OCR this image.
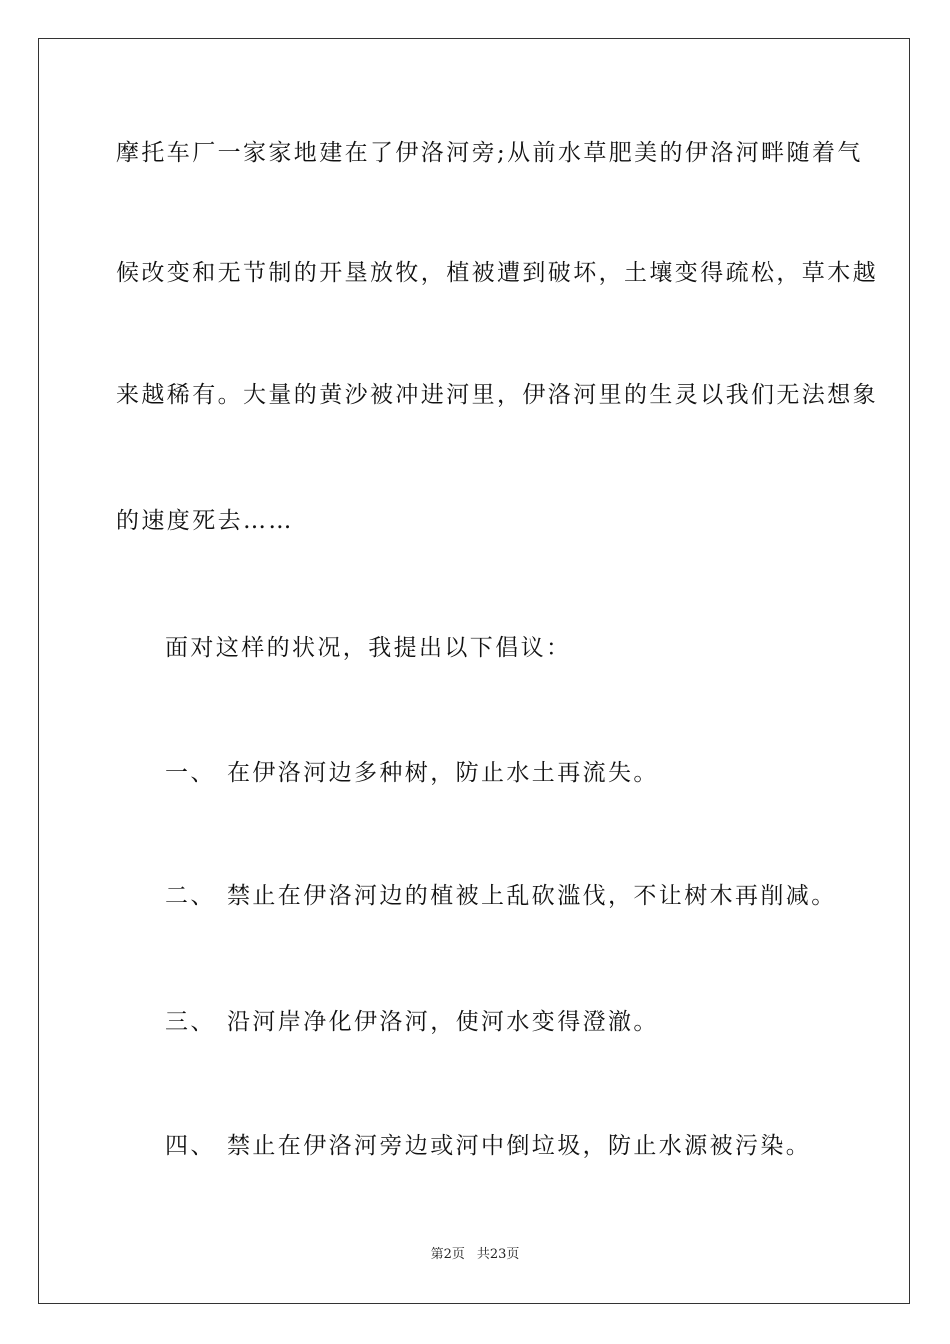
摩托车厂一家家地建在了伊洛河旁;从前水草肥美的伊洛河畔随着气
候改变和无节制的开垦放牧，植被遭到破坏，土壤变得疏松，草木越
来越稀有。大量的黄沙被冲进河里，伊洛河里的生灵以我们无法想象
的速度死去……
面对这样的状况，我提出以下倡议：
一、 在伊洛河边多种树，防止水土再流失。
二、 禁止在伊洛河边的植被上乱砍滥伐，不让树木再削减。
三、 沿河岸净化伊洛河，使河水变得澄澈。
四、 禁止在伊洛河旁边或河中倒垃圾，防止水源被污染。
第2页 共23页
